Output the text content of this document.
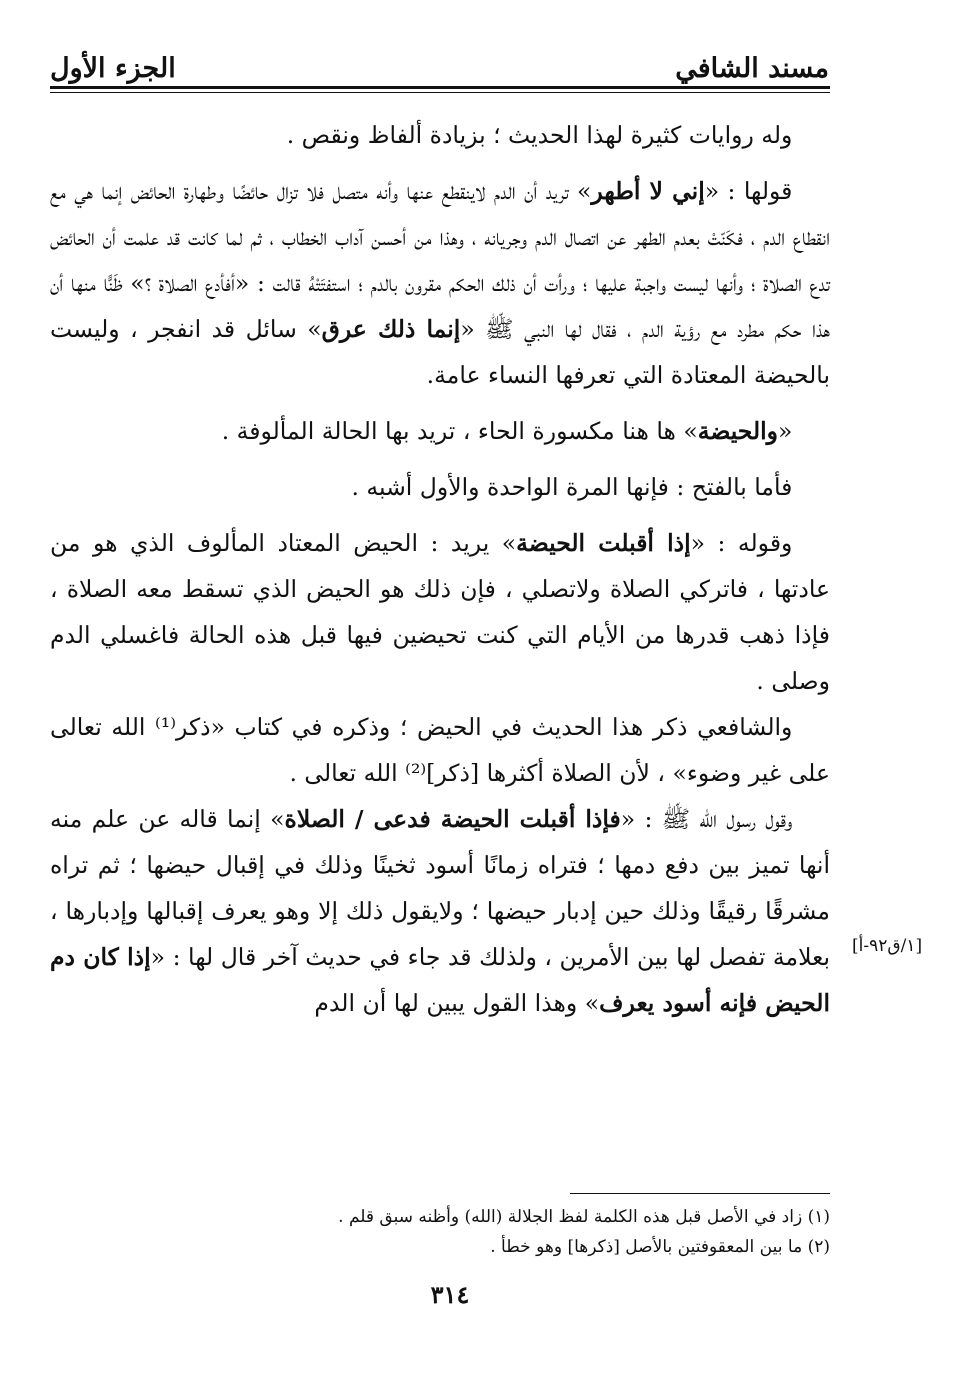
مسند الشافي
الجزء الأول

وله روايات كثيرة لهذا الحديث ؛ بزيادة ألفاظ ونقص .

قولها : «إني لا أطهر» تريد أن الدم لاينقطع عنها وأنه متصل فلا تزال حائضًا وطهارة الحائض إنما هي مع انقطاع الدم ، فكَنّتْ بعدم الطهر عن اتصال الدم وجريانه ، وهذا من أحسن آداب الخطاب ، ثم لما كانت قد علمت أن الحائض تدع الصلاة ؛ وأنها ليست واجبة عليها ؛ ورأت أن ذلك الحكم مقرون بالدم ؛ استفتَتْهُ قالت : «أفأدع الصلاة ؟» ظَنًّا منها أن هذا حكم مطرد مع رؤية الدم ، فقال لها النبي ﷺ «إنما ذلك عرق» سائل قد انفجر ، وليست بالحيضة المعتادة التي تعرفها النساء عامة.

«والحيضة» ها هنا مكسورة الحاء ، تريد بها الحالة المألوفة .

فأما بالفتح : فإنها المرة الواحدة والأول أشبه .

وقوله : «إذا أقبلت الحيضة» يريد : الحيض المعتاد المألوف الذي هو من عادتها ، فاتركي الصلاة ولاتصلي ، فإن ذلك هو الحيض الذي تسقط معه الصلاة ، فإذا ذهب قدرها من الأيام التي كنت تحيضين فيها قبل هذه الحالة فاغسلي الدم وصلى .

والشافعي ذكر هذا الحديث في الحيض ؛ وذكره في كتاب «ذكر⁽¹⁾ الله تعالى على غير وضوء» ، لأن الصلاة أكثرها [ذكر]⁽²⁾ الله تعالى .

وقول رسول الله ﷺ : «فإذا أقبلت الحيضة فدعى / الصلاة» إنما قاله عن علم منه أنها تميز بين دفع دمها ؛ فتراه زمانًا أسود ثخينًا وذلك في إقبال حيضها ؛ ثم تراه مشرقًا رقيقًا وذلك حين إدبار حيضها ؛ ولايقول ذلك إلا وهو يعرف إقبالها وإدبارها ، بعلامة تفصل لها بين الأمرين ، ولذلك قد جاء في حديث آخر قال لها : «إذا كان دم الحيض فإنه أسود يعرف» وهذا القول يبين لها أن الدم

[١/ق٩٢-أ]

(١) زاد في الأصل قبل هذه الكلمة لفظ الجلالة (الله) وأظنه سبق قلم .

(٢) ما بين المعقوفتين بالأصل [ذكرها] وهو خطأ .

٣١٤
